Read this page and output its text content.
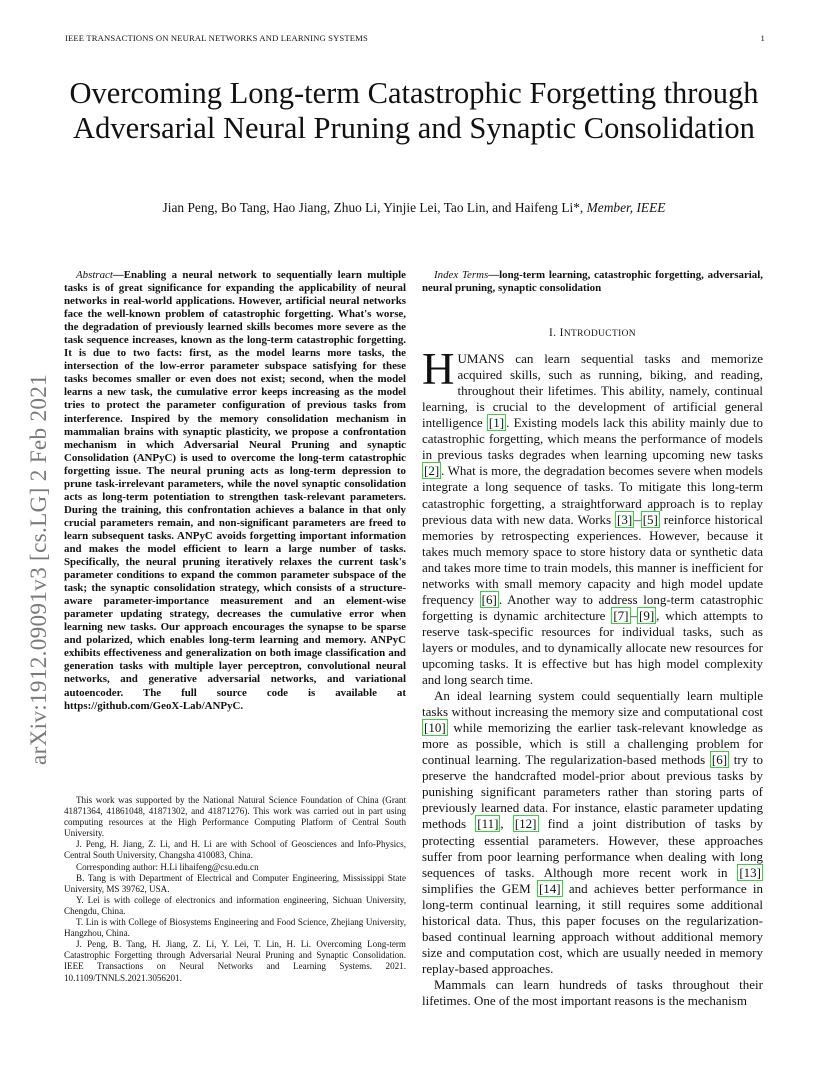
IEEE TRANSACTIONS ON NEURAL NETWORKS AND LEARNING SYSTEMS	1
Overcoming Long-term Catastrophic Forgetting through Adversarial Neural Pruning and Synaptic Consolidation
Jian Peng, Bo Tang, Hao Jiang, Zhuo Li, Yinjie Lei, Tao Lin, and Haifeng Li*, Member, IEEE
arXiv:1912.09091v3 [cs.LG] 2 Feb 2021

Abstract—Enabling a neural network to sequentially learn multiple tasks is of great significance for expanding the applicability of neural networks in real-world applications. However, artificial neural networks face the well-known problem of catastrophic forgetting. What's worse, the degradation of previously learned skills becomes more severe as the task sequence increases, known as the long-term catastrophic forgetting. It is due to two facts: first, as the model learns more tasks, the intersection of the low-error parameter subspace satisfying for these tasks becomes smaller or even does not exist; second, when the model learns a new task, the cumulative error keeps increasing as the model tries to protect the parameter configuration of previous tasks from interference. Inspired by the memory consolidation mechanism in mammalian brains with synaptic plasticity, we propose a confrontation mechanism in which Adversarial Neural Pruning and synaptic Consolidation (ANPyC) is used to overcome the long-term catastrophic forgetting issue. The neural pruning acts as long-term depression to prune task-irrelevant parameters, while the novel synaptic consolidation acts as long-term potentiation to strengthen task-relevant parameters. During the training, this confrontation achieves a balance in that only crucial parameters remain, and non-significant parameters are freed to learn subsequent tasks. ANPyC avoids forgetting important information and makes the model efficient to learn a large number of tasks. Specifically, the neural pruning iteratively relaxes the current task's parameter conditions to expand the common parameter subspace of the task; the synaptic consolidation strategy, which consists of a structure-aware parameter-importance measurement and an element-wise parameter updating strategy, decreases the cumulative error when learning new tasks. Our approach encourages the synapse to be sparse and polarized, which enables long-term learning and memory. ANPyC exhibits effectiveness and generalization on both image classification and generation tasks with multiple layer perceptron, convolutional neural networks, and generative adversarial networks, and variational autoencoder. The full source code is available at https://github.com/GeoX-Lab/ANPyC.

This work was supported by the National Natural Science Foundation of China (Grant 41871364, 41861048, 41871302, and 41871276). This work was carried out in part using computing resources at the High Performance Computing Platform of Central South University.

J. Peng, H. Jiang, Z. Li, and H. Li are with School of Geosciences and Info-Physics, Central South University, Changsha 410083, China.

Corresponding author: H.Li lihaifeng@csu.edu.cn

B. Tang is with Department of Electrical and Computer Engineering, Mississippi State University, MS 39762, USA.

Y. Lei is with college of electronics and information engineering, Sichuan University, Chengdu, China.

T. Lin is with College of Biosystems Engineering and Food Science, Zhejiang University, Hangzhou, China.

J. Peng, B. Tang, H. Jiang, Z. Li, Y. Lei, T. Lin, H. Li. Overcoming Long-term Catastrophic Forgetting through Adversarial Neural Pruning and Synaptic Consolidation. IEEE Transactions on Neural Networks and Learning Systems. 2021. 10.1109/TNNLS.2021.3056201.

Index Terms—long-term learning, catastrophic forgetting, adversarial, neural pruning, synaptic consolidation

I. INTRODUCTION

HUMANS can learn sequential tasks and memorize acquired skills, such as running, biking, and reading, throughout their lifetimes. This ability, namely, continual learning, is crucial to the development of artificial general intelligence [1] . Existing models lack this ability mainly due to catastrophic forgetting, which means the performance of models in previous tasks degrades when learning upcoming new tasks [2] . What is more, the degradation becomes severe when models integrate a long sequence of tasks. To mitigate this long-term catastrophic forgetting, a straightforward approach is to replay previous data with new data. Works [3] – [5] reinforce historical memories by retrospecting experiences. However, because it takes much memory space to store history data or synthetic data and takes more time to train models, this manner is inefficient for networks with small memory capacity and high model update frequency [6] . Another way to address long-term catastrophic forgetting is dynamic architecture [7] – [9] , which attempts to reserve task-specific resources for individual tasks, such as layers or modules, and to dynamically allocate new resources for upcoming tasks. It is effective but has high model complexity and long search time.

An ideal learning system could sequentially learn multiple tasks without increasing the memory size and computational cost [10] while memorizing the earlier task-relevant knowledge as more as possible, which is still a challenging problem for continual learning. The regularization-based methods [6] try to preserve the handcrafted model-prior about previous tasks by punishing significant parameters rather than storing parts of previously learned data. For instance, elastic parameter updating methods [11] , [12] find a joint distribution of tasks by protecting essential parameters. However, these approaches suffer from poor learning performance when dealing with long sequences of tasks. Although more recent work in [13] simplifies the GEM [14] and achieves better performance in long-term continual learning, it still requires some additional historical data. Thus, this paper focuses on the regularization-based continual learning approach without additional memory size and computation cost, which are usually needed in memory replay-based approaches.

Mammals can learn hundreds of tasks throughout their lifetimes. One of the most important reasons is the mechanism
